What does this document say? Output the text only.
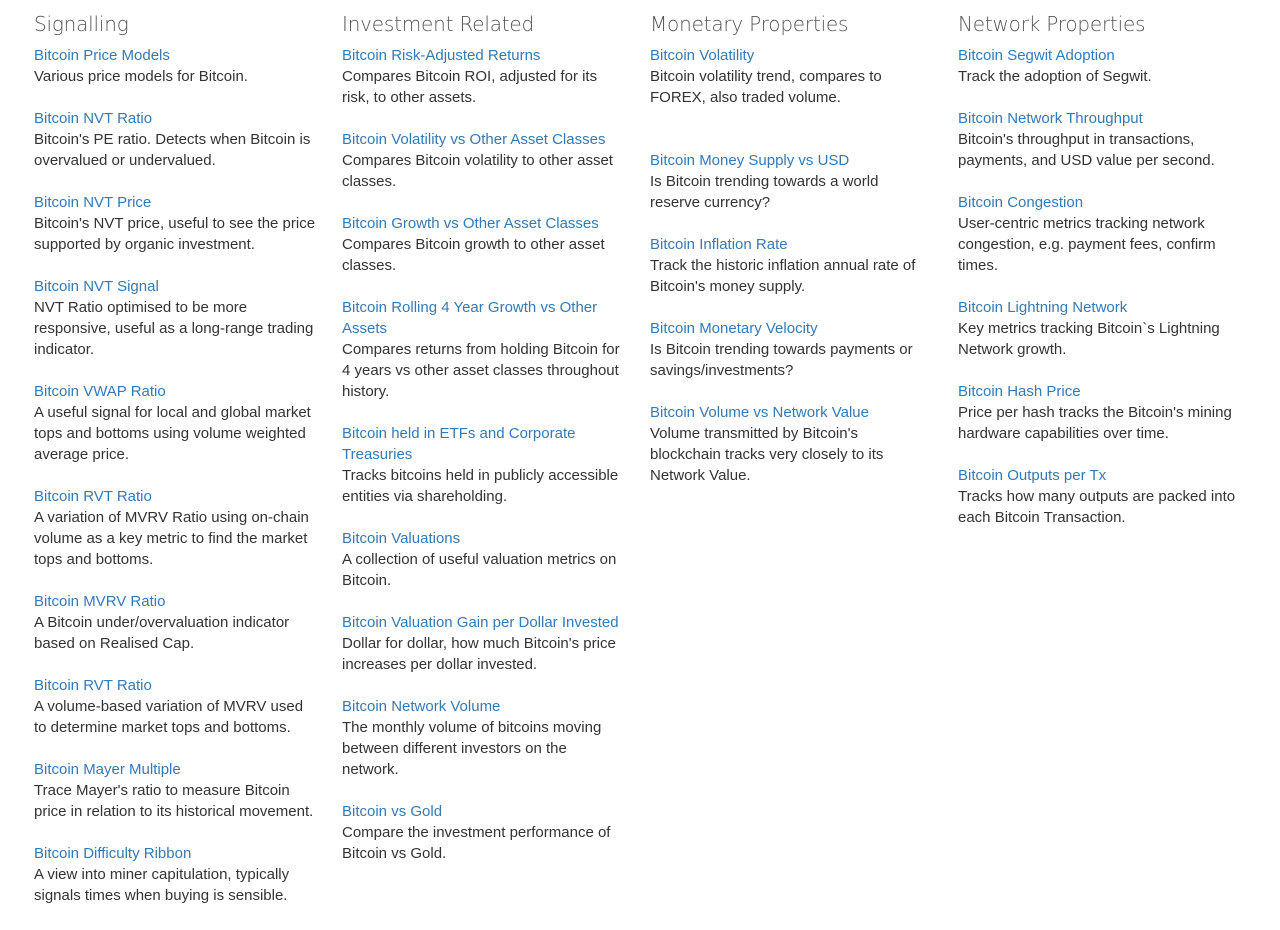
Signalling
Bitcoin Price Models
Various price models for Bitcoin.
Bitcoin NVT Ratio
Bitcoin's PE ratio. Detects when Bitcoin is overvalued or undervalued.
Bitcoin NVT Price
Bitcoin's NVT price, useful to see the price supported by organic investment.
Bitcoin NVT Signal
NVT Ratio optimised to be more responsive, useful as a long-range trading indicator.
Bitcoin VWAP Ratio
A useful signal for local and global market tops and bottoms using volume weighted average price.
Bitcoin RVT Ratio
A variation of MVRV Ratio using on-chain volume as a key metric to find the market tops and bottoms.
Bitcoin MVRV Ratio
A Bitcoin under/overvaluation indicator based on Realised Cap.
Bitcoin RVT Ratio
A volume-based variation of MVRV used to determine market tops and bottoms.
Bitcoin Mayer Multiple
Trace Mayer's ratio to measure Bitcoin price in relation to its historical movement.
Bitcoin Difficulty Ribbon
A view into miner capitulation, typically signals times when buying is sensible.
Investment Related
Bitcoin Risk-Adjusted Returns
Compares Bitcoin ROI, adjusted for its risk, to other assets.
Bitcoin Volatility vs Other Asset Classes
Compares Bitcoin volatility to other asset classes.
Bitcoin Growth vs Other Asset Classes
Compares Bitcoin growth to other asset classes.
Bitcoin Rolling 4 Year Growth vs Other Assets
Compares returns from holding Bitcoin for 4 years vs other asset classes throughout history.
Bitcoin held in ETFs and Corporate Treasuries
Tracks bitcoins held in publicly accessible entities via shareholding.
Bitcoin Valuations
A collection of useful valuation metrics on Bitcoin.
Bitcoin Valuation Gain per Dollar Invested
Dollar for dollar, how much Bitcoin's price increases per dollar invested.
Bitcoin Network Volume
The monthly volume of bitcoins moving between different investors on the network.
Bitcoin vs Gold
Compare the investment performance of Bitcoin vs Gold.
Monetary Properties
Bitcoin Volatility
Bitcoin volatility trend, compares to FOREX, also traded volume.
Bitcoin Money Supply vs USD
Is Bitcoin trending towards a world reserve currency?
Bitcoin Inflation Rate
Track the historic inflation annual rate of Bitcoin's money supply.
Bitcoin Monetary Velocity
Is Bitcoin trending towards payments or savings/investments?
Bitcoin Volume vs Network Value
Volume transmitted by Bitcoin's blockchain tracks very closely to its Network Value.
Network Properties
Bitcoin Segwit Adoption
Track the adoption of Segwit.
Bitcoin Network Throughput
Bitcoin's throughput in transactions, payments, and USD value per second.
Bitcoin Congestion
User-centric metrics tracking network congestion, e.g. payment fees, confirm times.
Bitcoin Lightning Network
Key metrics tracking Bitcoin`s Lightning Network growth.
Bitcoin Hash Price
Price per hash tracks the Bitcoin's mining hardware capabilities over time.
Bitcoin Outputs per Tx
Tracks how many outputs are packed into each Bitcoin Transaction.
